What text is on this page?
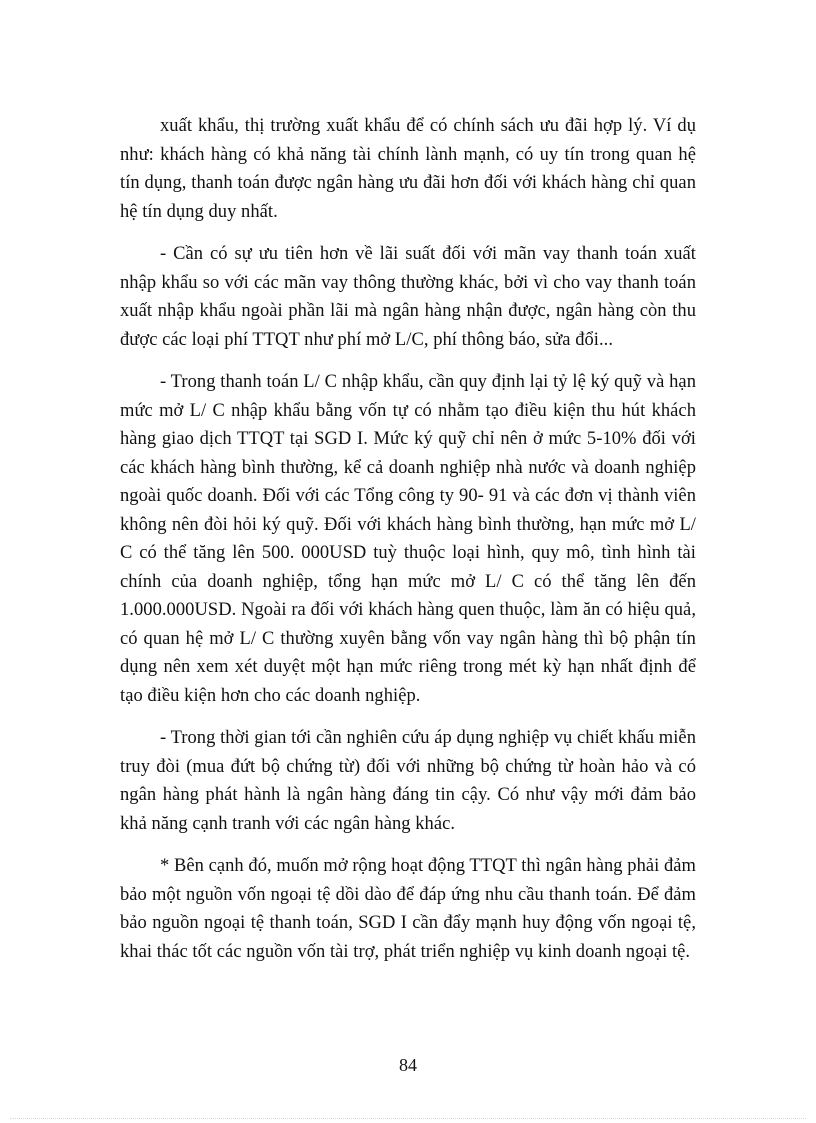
xuất khẩu, thị trường xuất khẩu để có chính sách ưu đãi hợp lý. Ví dụ như: khách hàng có khả năng tài chính lành mạnh, có uy tín trong quan hệ tín dụng, thanh toán được ngân hàng ưu đãi hơn đối với khách hàng chỉ quan hệ tín dụng duy nhất.

- Cần có sự ưu tiên hơn về lãi suất đối với mãn vay thanh toán xuất nhập khẩu so với các mãn vay thông thường khác, bởi vì cho vay thanh toán xuất nhập khẩu ngoài phần lãi mà ngân hàng nhận được, ngân hàng còn thu được các loại phí TTQT như phí mở L/C, phí thông báo, sửa đổi...

- Trong thanh toán L/ C nhập khẩu, cần quy định lại tỷ lệ ký quỹ và hạn mức mở L/ C nhập khẩu bằng vốn tự có nhằm tạo điều kiện thu hút khách hàng giao dịch TTQT tại SGD I. Mức ký quỹ chỉ nên ở mức 5-10% đối với các khách hàng bình thường, kể cả doanh nghiệp nhà nước và doanh nghiệp ngoài quốc doanh. Đối với các Tổng công ty 90- 91 và các đơn vị thành viên không nên đòi hỏi ký quỹ. Đối với khách hàng bình thường, hạn mức mở L/ C có thể tăng lên 500. 000USD tuỳ thuộc loại hình, quy mô, tình hình tài chính của doanh nghiệp, tổng hạn mức mở L/ C có thể tăng lên đến 1.000.000USD. Ngoài ra đối với khách hàng quen thuộc, làm ăn có hiệu quả, có quan hệ mở L/ C thường xuyên bằng vốn vay ngân hàng thì bộ phận tín dụng nên xem xét duyệt một hạn mức riêng trong mét kỳ hạn nhất định để tạo điều kiện hơn cho các doanh nghiệp.

- Trong thời gian tới cần nghiên cứu áp dụng nghiệp vụ chiết khấu miễn truy đòi (mua đứt bộ chứng từ) đối với những bộ chứng từ hoàn hảo và có ngân hàng phát hành là ngân hàng đáng tin cậy. Có như vậy mới đảm bảo khả năng cạnh tranh với các ngân hàng khác.

* Bên cạnh đó, muốn mở rộng hoạt động TTQT thì ngân hàng phải đảm bảo một nguồn vốn ngoại tệ dồi dào để đáp ứng nhu cầu thanh toán. Để đảm bảo nguồn ngoại tệ thanh toán, SGD I cần đẩy mạnh huy động vốn ngoại tệ, khai thác tốt các nguồn vốn tài trợ, phát triển nghiệp vụ kinh doanh ngoại tệ.

84
